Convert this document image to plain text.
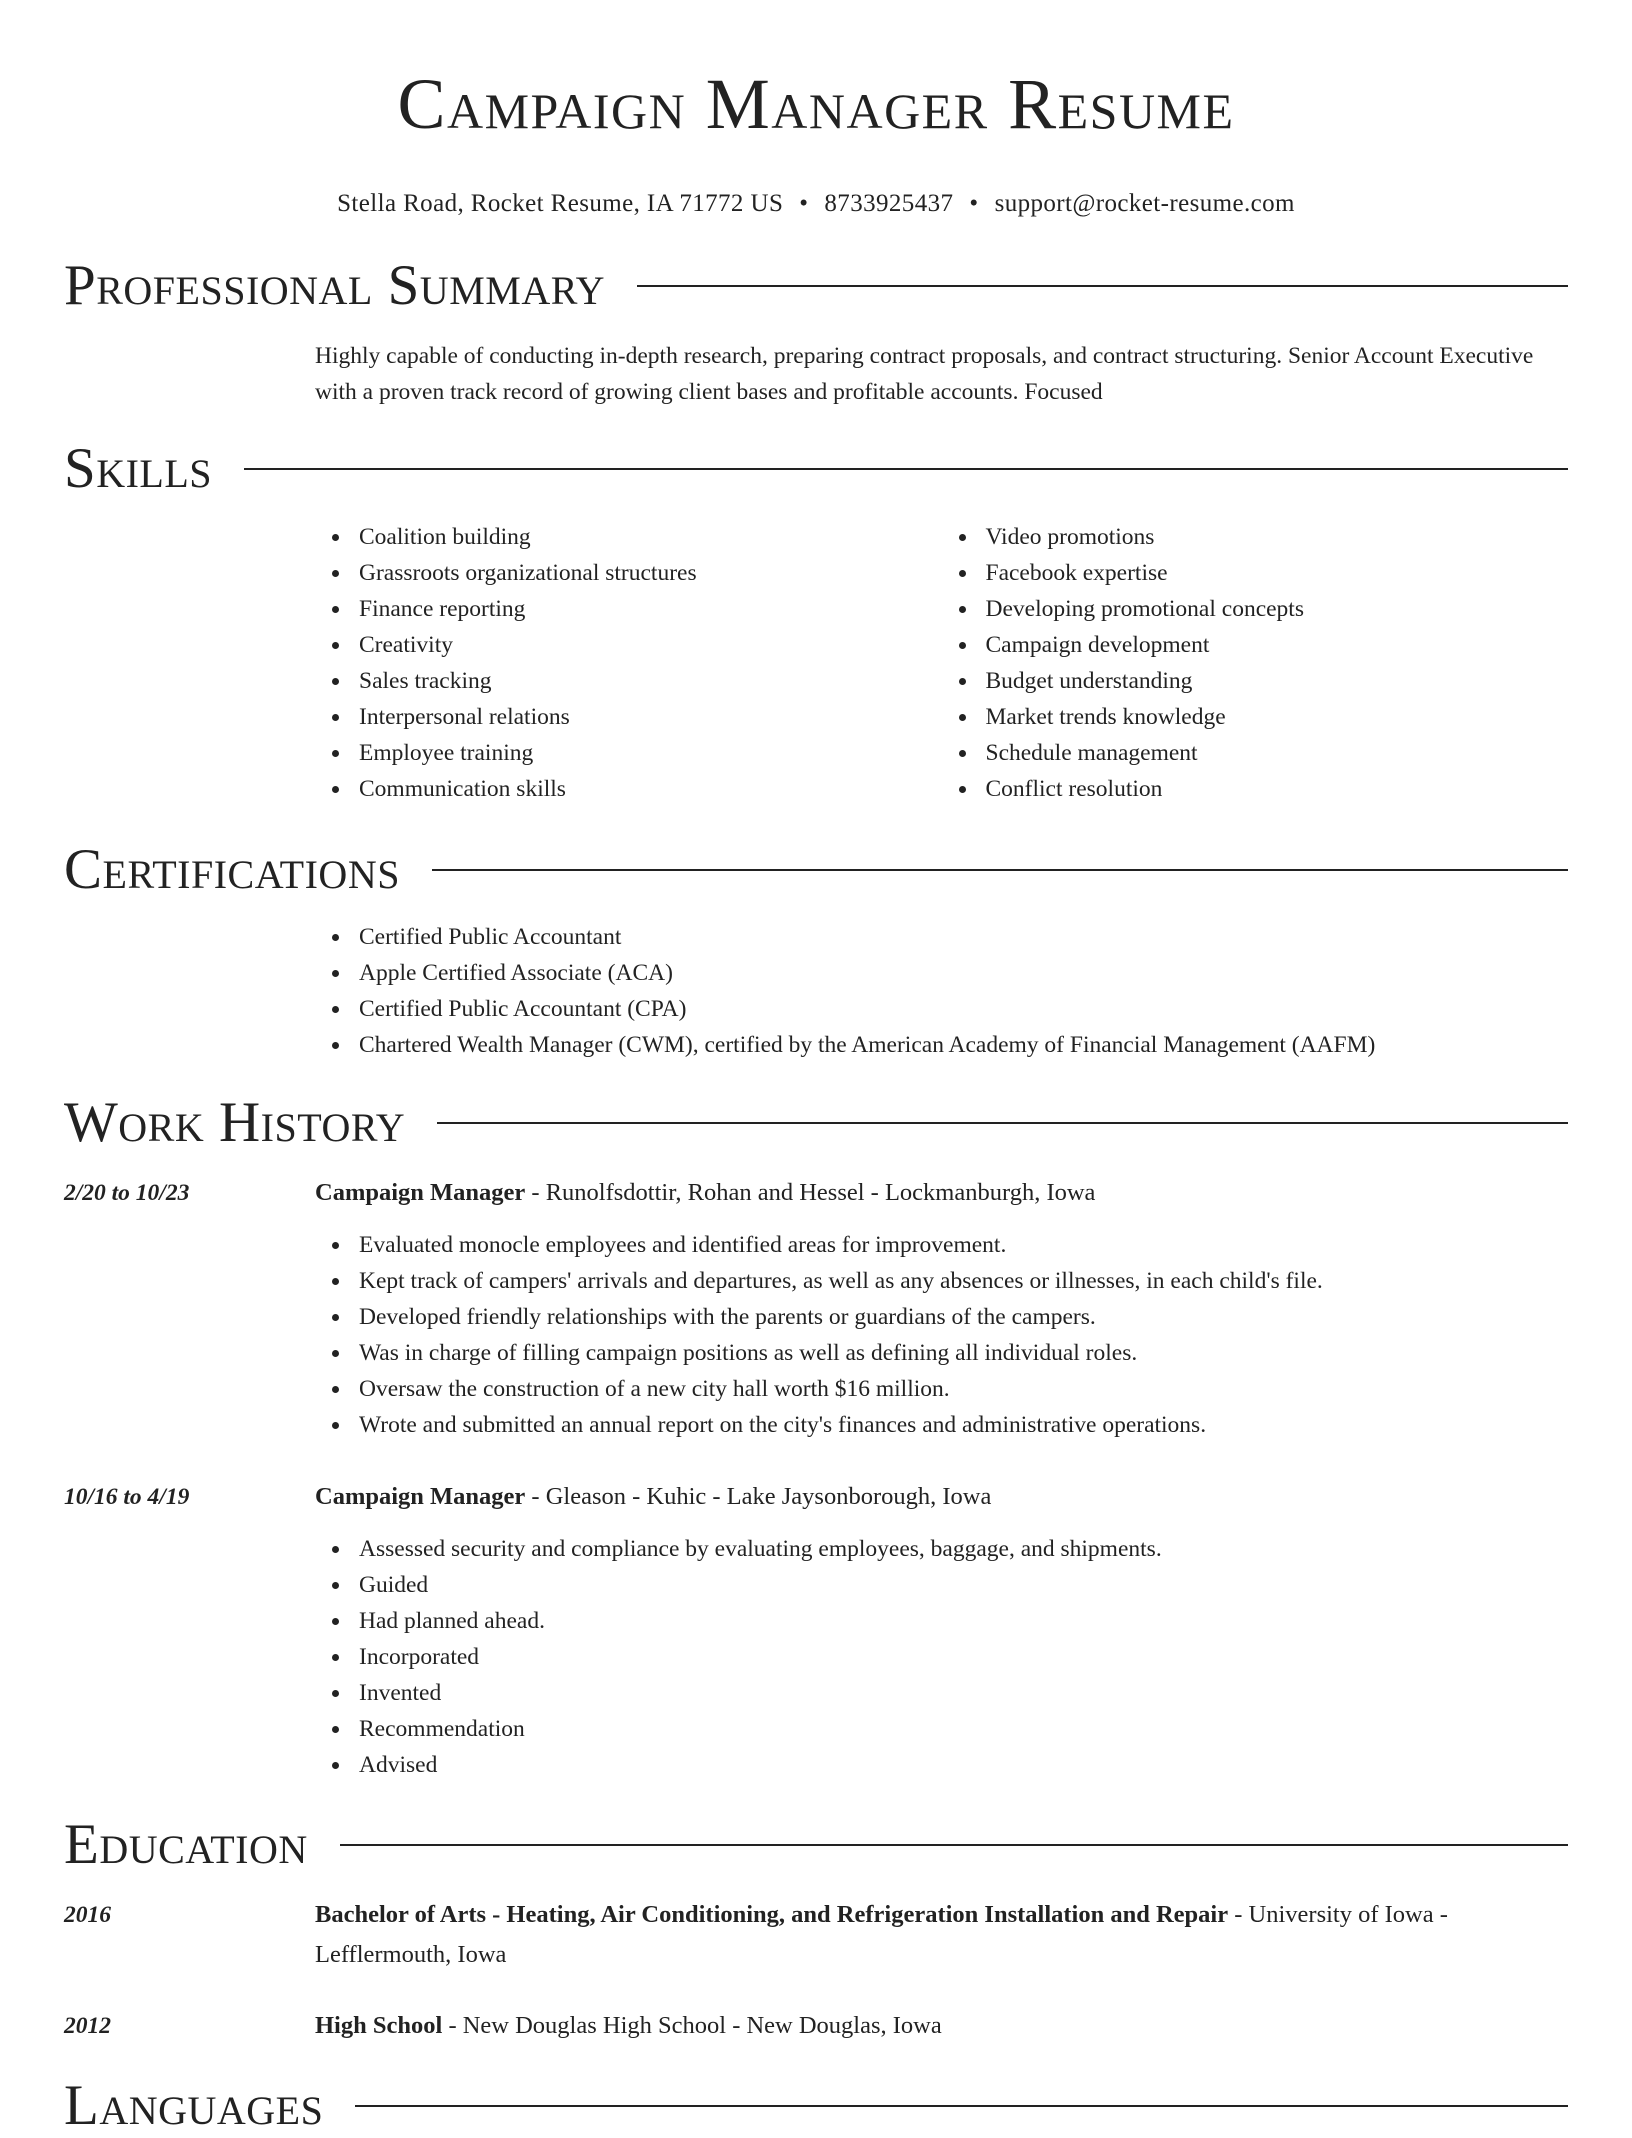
Campaign Manager Resume
Stella Road, Rocket Resume, IA 71772 US • 8733925437 • support@rocket-resume.com
Professional Summary

Highly capable of conducting in-depth research, preparing contract proposals, and contract structuring. Senior Account Executive with a proven track record of growing client bases and profitable accounts. Focused

Skills
Coalition building
Grassroots organizational structures
Finance reporting
Creativity
Sales tracking
Interpersonal relations
Employee training
Communication skills
Video promotions
Facebook expertise
Developing promotional concepts
Campaign development
Budget understanding
Market trends knowledge
Schedule management
Conflict resolution
Certifications
Certified Public Accountant
Apple Certified Associate (ACA)
Certified Public Accountant (CPA)
Chartered Wealth Manager (CWM), certified by the American Academy of Financial Management (AAFM)
Work History
2/20 to 10/23	Campaign Manager - Runolfsdottir, Rohan and Hessel - Lockmanburgh, Iowa
Evaluated monocle employees and identified areas for improvement.
Kept track of campers' arrivals and departures, as well as any absences or illnesses, in each child's file.
Developed friendly relationships with the parents or guardians of the campers.
Was in charge of filling campaign positions as well as defining all individual roles.
Oversaw the construction of a new city hall worth $16 million.
Wrote and submitted an annual report on the city's finances and administrative operations.
10/16 to 4/19	Campaign Manager - Gleason - Kuhic - Lake Jaysonborough, Iowa
Assessed security and compliance by evaluating employees, baggage, and shipments.
Guided
Had planned ahead.
Incorporated
Invented
Recommendation
Advised
Education
2016	Bachelor of Arts - Heating, Air Conditioning, and Refrigeration Installation and Repair - University of Iowa - Lefflermouth, Iowa
2012	High School - New Douglas High School - New Douglas, Iowa
Languages
